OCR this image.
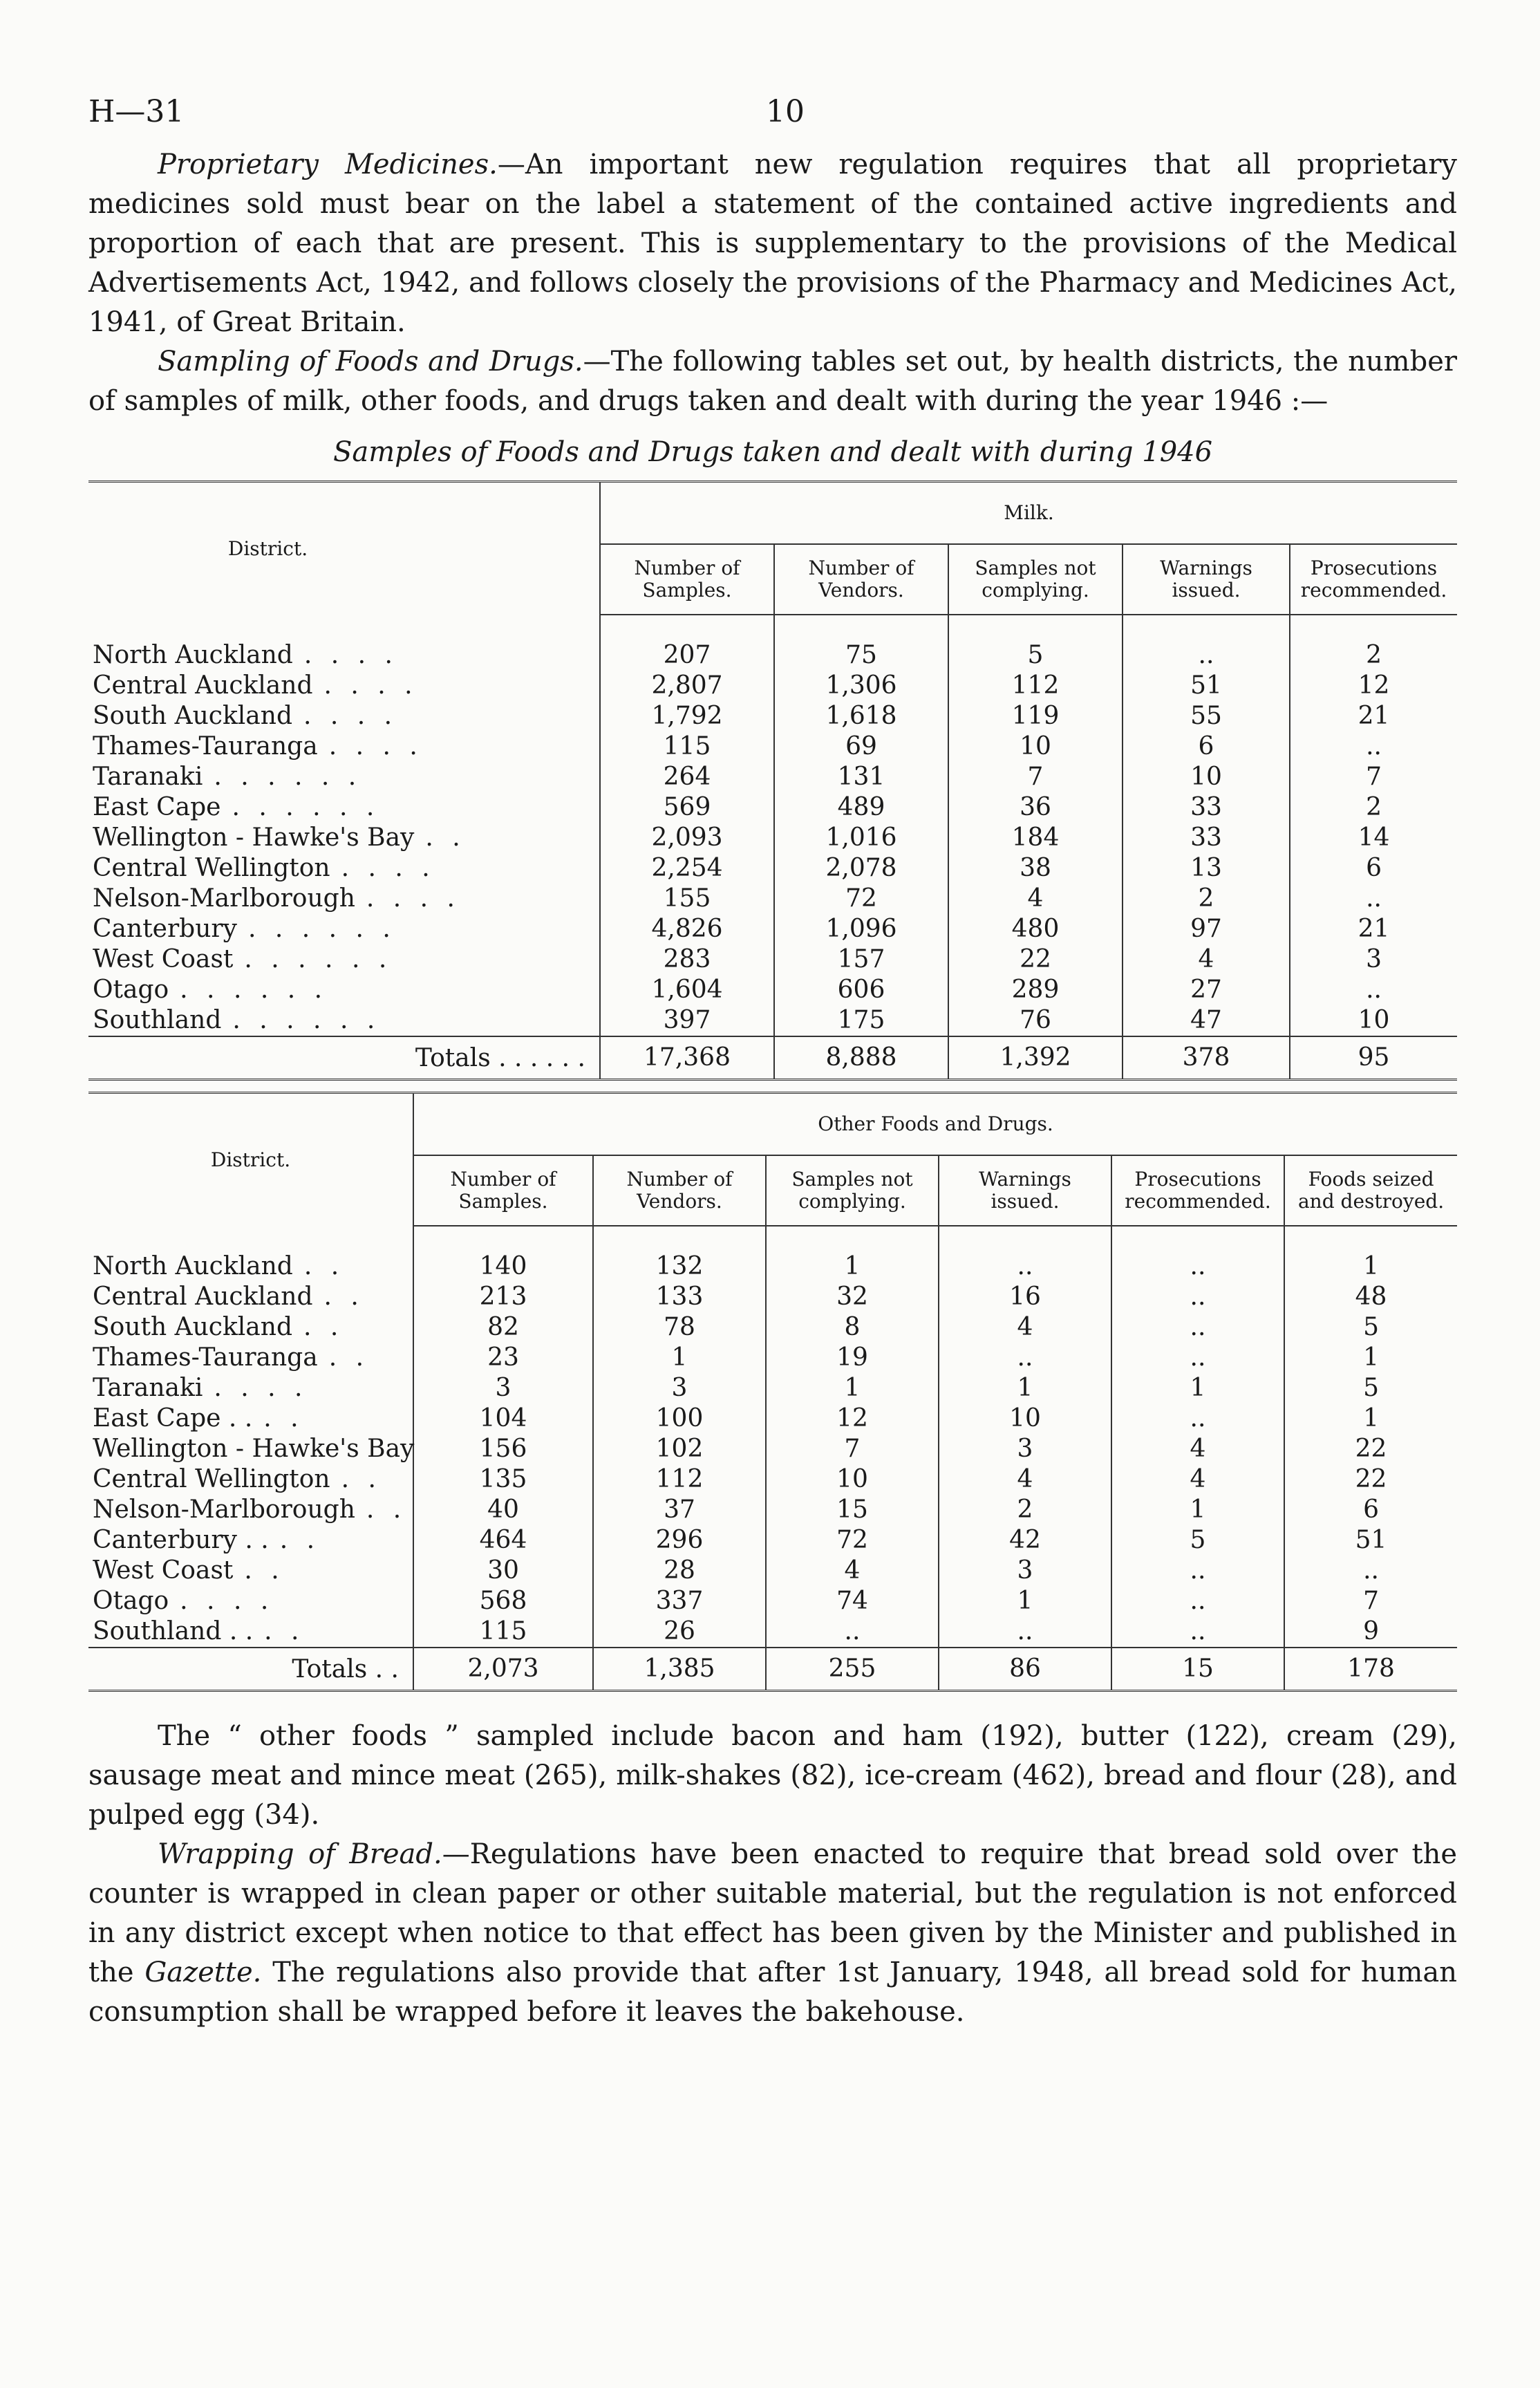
H—31	10

Proprietary Medicines.—An important new regulation requires that all proprietary medicines sold must bear on the label a statement of the contained active ingredients and proportion of each that are present. This is supplementary to the provisions of the Medical Advertisements Act, 1942, and follows closely the provisions of the Pharmacy and Medicines Act, 1941, of Great Britain.

Sampling of Foods and Drugs.—The following tables set out, by health districts, the number of samples of milk, other foods, and drugs taken and dealt with during the year 1946 :—

Samples of Foods and Drugs taken and dealt with during 1946
District.	Milk.				
	Number of Samples.	Number of Vendors.	Samples not complying.	Warnings issued.	Prosecutions recommended.
North Auckland . . . .	207	75	5	..	2
Central Auckland . . . .	2,807	1,306	112	51	12
South Auckland . . . .	1,792	1,618	119	55	21
Thames-Tauranga . . . .	115	69	10	6	..
Taranaki . . . . . .	264	131	7	10	7
East Cape . . . . . .	569	489	36	33	2
Wellington - Hawke's Bay . .	2,093	1,016	184	33	14
Central Wellington . . . .	2,254	2,078	38	13	6
Nelson-Marlborough . . . .	155	72	4	2	..
Canterbury . . . . . .	4,826	1,096	480	97	21
West Coast . . . . . .	283	157	22	4	3
Otago . . . . . .	1,604	606	289	27	..
Southland . . . . . .	397	175	76	47	10
Totals . . . . . .	17,368	8,888	1,392	378	95
District.	Other Foods and Drugs.					
	Number of Samples.	Number of Vendors.	Samples not complying.	Warnings issued.	Prosecutions recommended.	Foods seized and destroyed.
North Auckland . .	140	132	1	..	..	1
Central Auckland . .	213	133	32	16	..	48
South Auckland . .	82	78	8	4	..	5
Thames-Tauranga . .	23	1	19	..	..	1
Taranaki . . . .	3	3	1	1	1	5
East Cape . . . .	104	100	12	10	..	1
Wellington - Hawke's Bay	156	102	7	3	4	22
Central Wellington . .	135	112	10	4	4	22
Nelson-Marlborough . .	40	37	15	2	1	6
Canterbury . . . .	464	296	72	42	5	51
West Coast . .	30	28	4	3	..	..
Otago . . . .	568	337	74	1	..	7
Southland . . . .	115	26	..	..	..	9
Totals . .	2,073	1,385	255	86	15	178

The “ other foods ” sampled include bacon and ham (192), butter (122), cream (29), sausage meat and mince meat (265), milk-shakes (82), ice-cream (462), bread and flour (28), and pulped egg (34).

Wrapping of Bread.—Regulations have been enacted to require that bread sold over the counter is wrapped in clean paper or other suitable material, but the regulation is not enforced in any district except when notice to that effect has been given by the Minister and published in the Gazette. The regulations also provide that after 1st January, 1948, all bread sold for human consumption shall be wrapped before it leaves the bakehouse.
